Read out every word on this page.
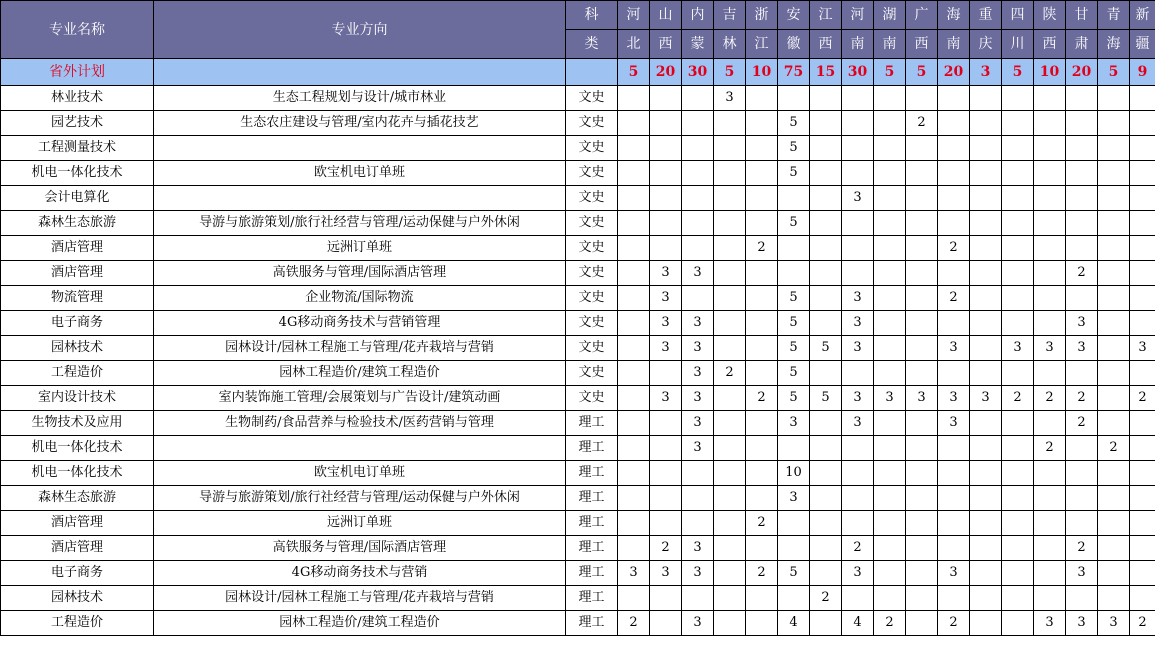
专业名称	专业方向	科	河	山	内	吉	浙	安	江	河	湖	广	海	重	四	陕	甘	青	新
		类	北	西	蒙	林	江	徽	西	南	南	西	南	庆	川	西	肃	海	疆
省外计划			5	20	30	5	10	75	15	30	5	5	20	3	5	10	20	5	9
林业技术	生态工程规划与设计/城市林业	文史				3													
园艺技术	生态农庄建设与管理/室内花卉与插花技艺	文史						5				2							
工程测量技术		文史						5											
机电一体化技术	欧宝机电订单班	文史						5											
会计电算化		文史								3									
森林生态旅游	导游与旅游策划/旅行社经营与管理/运动保健与户外休闲	文史						5											
酒店管理	远洲订单班	文史					2						2						
酒店管理	高铁服务与管理/国际酒店管理	文史		3	3												2		
物流管理	企业物流/国际物流	文史		3				5		3			2						
电子商务	4G移动商务技术与营销管理	文史		3	3			5		3							3		
园林技术	园林设计/园林工程施工与管理/花卉栽培与营销	文史		3	3			5	5	3			3		3	3	3		3
工程造价	园林工程造价/建筑工程造价	文史			3	2		5											
室内设计技术	室内装饰施工管理/会展策划与广告设计/建筑动画	文史		3	3		2	5	5	3	3	3	3	3	2	2	2		2
生物技术及应用	生物制药/食品营养与检验技术/医药营销与管理	理工			3			3		3			3				2		
机电一体化技术		理工			3											2		2	
机电一体化技术	欧宝机电订单班	理工						10											
森林生态旅游	导游与旅游策划/旅行社经营与管理/运动保健与户外休闲	理工						3											
酒店管理	远洲订单班	理工					2												
酒店管理	高铁服务与管理/国际酒店管理	理工		2	3					2							2		
电子商务	4G移动商务技术与营销	理工	3	3	3		2	5		3			3				3		
园林技术	园林设计/园林工程施工与管理/花卉栽培与营销	理工							2										
工程造价	园林工程造价/建筑工程造价	理工	2		3			4		4	2		2			3	3	3	2
